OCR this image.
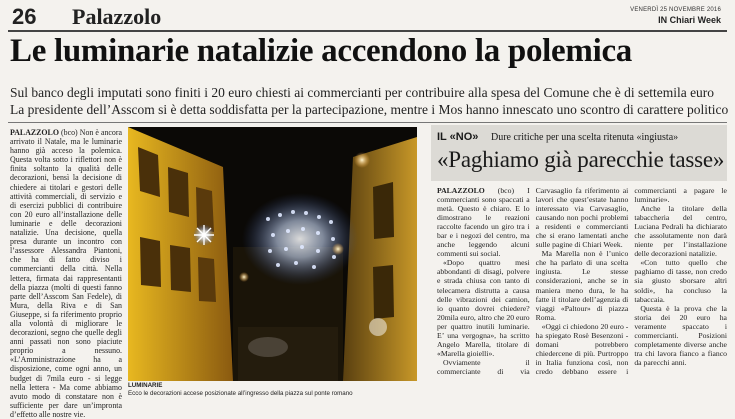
26 Palazzolo	VENERDÌ 25 NOVEMBRE 2016
IN Chiari Week
Le luminarie natalizie accendono la polemica
Sul banco degli imputati sono finiti i 20 euro chiesti ai commercianti per contribuire alla spesa del Comune che è di settemila euro
La presidente dell’Asscom si è detta soddisfatta per la partecipazione, mentre i Mos hanno innescato uno scontro di carattere politico
PALAZZOLO (bco) Non è ancora arrivato il Natale, ma le luminarie hanno già acceso la polemica. Questa volta sotto i riflettori non è finita soltanto la qualità delle decorazioni, bensì la decisione di chiedere ai titolari e gestori delle attività commerciali, di servizio e di esercizi pubblici di contribuire con 20 euro all’installazione delle luminarie e delle decorazioni natalizie. Una decisione, quella presa durante un incontro con l’assessore Alessandra Piantoni, che ha di fatto diviso i commercianti della città. Nella lettera, firmata dai rappresentanti della piazza (molti di questi fanno parte dell’Asscom San Fedele), di Mura, della Riva e di San Giuseppe, si fa riferimento proprio alla volontà di migliorare le decorazioni, segno che quelle degli anni passati non sono piaciute proprio a nessuno. «L’Amministrazione ha a disposizione, come ogni anno, un budget di 7mila euro - si legge nella lettera - Ma come abbiamo avuto modo di constatare non è sufficiente per dare un’impronta d’effetto alle nostre vie.
LUMINARIE
Ecco le decorazioni accese posizionate all’ingresso della piazza sul ponte romano
IL «NO» Dure critiche per una scelta ritenuta «ingiusta»
«Paghiamo già parecchie tasse»

PALAZZOLO (bco) I commercianti sono spaccati a metà. Questo è chiaro. E lo dimostrano le reazioni raccolte facendo un giro tra i bar e i negozi del centro, ma anche leggendo alcuni commenti sui social.

«Dopo quattro mesi abbondanti di disagi, polvere e strada chiusa con tanto di telecamera distrutta a causa delle vibrazioni dei camion, io quanto dovrei chiedere? 20mila euro, altro che 20 euro per quattro inutili luminarie. E’ una vergogna», ha scritto Angelo Marella, titolare di «Marella gioielli».

Ovviamente il commerciante di via Carvasaglio fa riferimento ai lavori che quest’estate hanno interessato via Carvasaglio, causando non pochi problemi a residenti e commercianti che si erano lamentati anche sulle pagine di Chiari Week.

Ma Marella non è l’unico che ha parlato di una scelta ingiusta. Le stesse considerazioni, anche se in maniera meno dura, le ha fatte il titolare dell’agenzia di viaggi «Paltour» di piazza Roma.

«Oggi ci chiedono 20 euro - ha spiegato Rosè Besenzoni - domani potrebbero chiedercene di più. Purtroppo in Italia funziona così, non credo debbano essere i commercianti a pagare le luminarie».

Anche la titolare della tabaccheria del centro, Luciana Pedrali ha dichiarato che assolutamente non darà niente per l’installazione delle decorazioni natalizie.

«Con tutto quello che paghiamo di tasse, non credo sia giusto sborsare altri soldi», ha concluso la tabaccaia.

Questa è la prova che la storia dei 20 euro ha veramente spaccato i commercianti. Posizioni completamente diverse anche tra chi lavora fianco a fianco da parecchi anni.
